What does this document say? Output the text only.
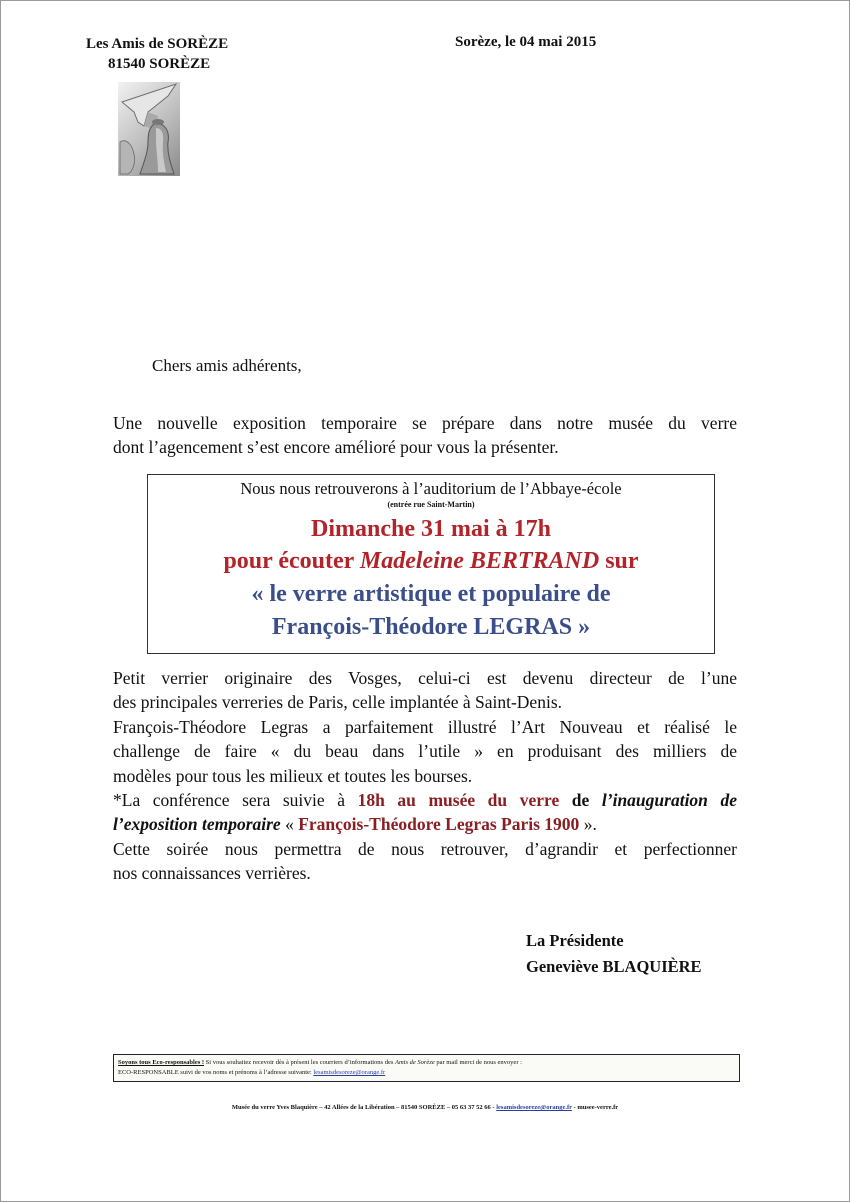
Les Amis de SORÈZE
81540 SORÈZE
Sorèze, le 04 mai 2015
Chers amis adhérents,
Une nouvelle exposition temporaire se prépare dans notre musée du verre
dont l’agencement s’est encore amélioré pour vous la présenter.
Nous nous retrouverons à l’auditorium de l’Abbaye-école
(entrée rue Saint-Martin)
Dimanche 31 mai à 17h
pour écouter Madeleine BERTRAND sur
« le verre artistique et populaire de
François-Théodore LEGRAS »
Petit verrier originaire des Vosges, celui-ci est devenu directeur de l’une
des principales verreries de Paris, celle implantée à Saint-Denis.
François-Théodore Legras a parfaitement illustré l’Art Nouveau et réalisé le
challenge de faire « du beau dans l’utile » en produisant des milliers de
modèles pour tous les milieux et toutes les bourses.
*La conférence sera suivie à 18h au musée du verre de l’inauguration de
l’exposition temporaire « François-Théodore Legras Paris 1900 ».
Cette soirée nous permettra de nous retrouver, d’agrandir et perfectionner
nos connaissances verrières.
La Présidente
Geneviève BLAQUIÈRE
Soyons tous Eco-responsables ! Si vous souhaitez recevoir dès à présent les courriers d’informations des Amis de Sorèze par mail merci de nous envoyer :
ECO-RESPONSABLE suivi de vos noms et prénoms à l’adresse suivante: lesamisdesoreze@orange.fr
Musée du verre Yves Blaquière – 42 Allées de la Libération – 81540 SORÈZE – 05 63 37 52 66 - lesamisdesoreze@orange.fr - musee-verre.fr
